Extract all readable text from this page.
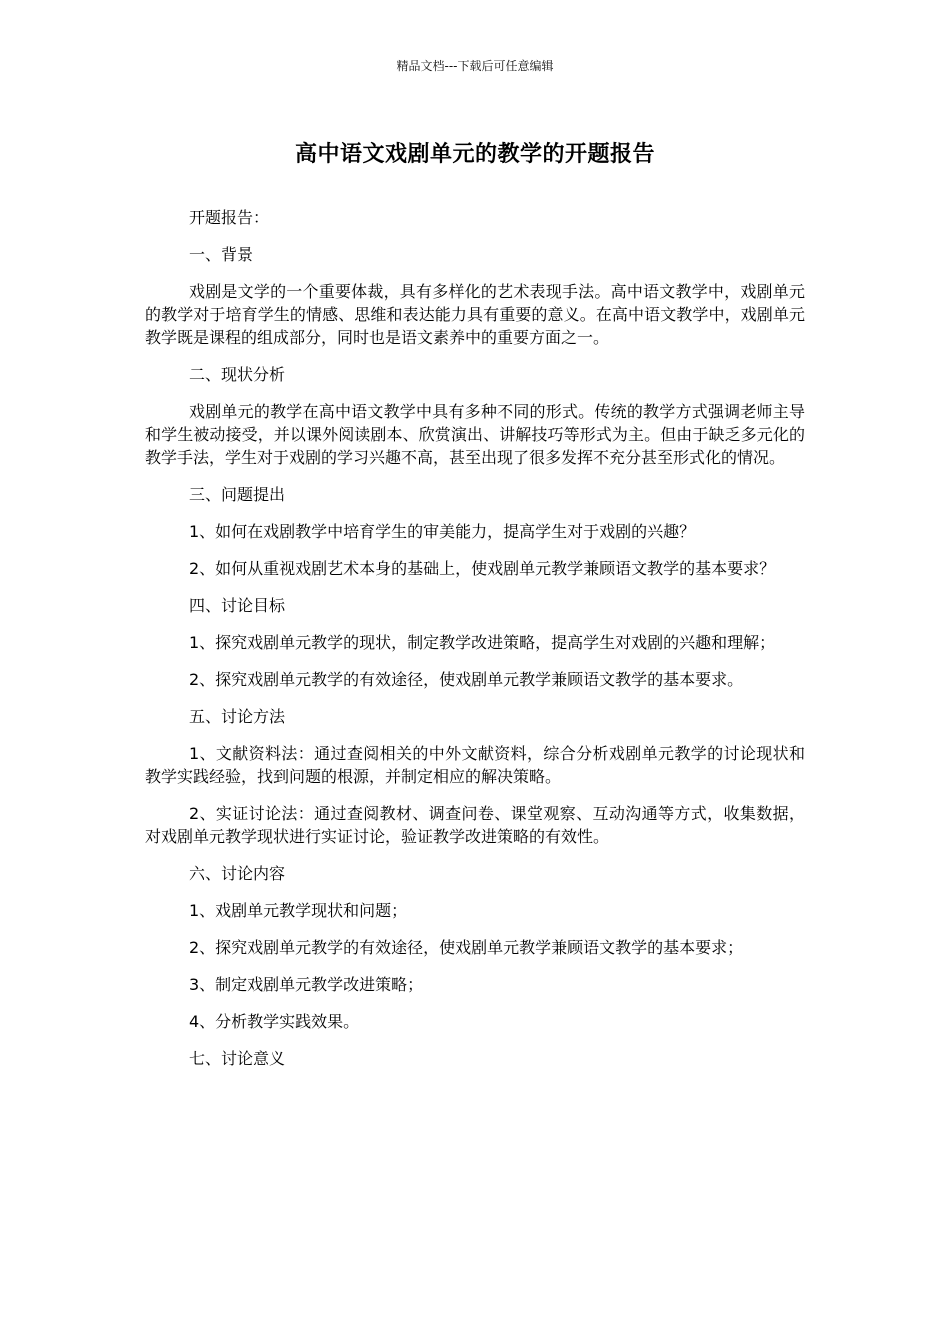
精品文档---下载后可任意编辑
高中语文戏剧单元的教学的开题报告

开题报告：

一、背景

戏剧是文学的一个重要体裁，具有多样化的艺术表现手法。高中语文教学中，戏剧单元的教学对于培育学生的情感、思维和表达能力具有重要的意义。在高中语文教学中，戏剧单元教学既是课程的组成部分，同时也是语文素养中的重要方面之一。

二、现状分析

戏剧单元的教学在高中语文教学中具有多种不同的形式。传统的教学方式强调老师主导和学生被动接受，并以课外阅读剧本、欣赏演出、讲解技巧等形式为主。但由于缺乏多元化的教学手法，学生对于戏剧的学习兴趣不高，甚至出现了很多发挥不充分甚至形式化的情况。

三、问题提出

1、如何在戏剧教学中培育学生的审美能力，提高学生对于戏剧的兴趣？

2、如何从重视戏剧艺术本身的基础上，使戏剧单元教学兼顾语文教学的基本要求？

四、讨论目标

1、探究戏剧单元教学的现状，制定教学改进策略，提高学生对戏剧的兴趣和理解；

2、探究戏剧单元教学的有效途径，使戏剧单元教学兼顾语文教学的基本要求。

五、讨论方法

1、文献资料法：通过查阅相关的中外文献资料，综合分析戏剧单元教学的讨论现状和教学实践经验，找到问题的根源，并制定相应的解决策略。

2、实证讨论法：通过查阅教材、调查问卷、课堂观察、互动沟通等方式，收集数据，对戏剧单元教学现状进行实证讨论，验证教学改进策略的有效性。

六、讨论内容

1、戏剧单元教学现状和问题；

2、探究戏剧单元教学的有效途径，使戏剧单元教学兼顾语文教学的基本要求；

3、制定戏剧单元教学改进策略；

4、分析教学实践效果。

七、讨论意义
